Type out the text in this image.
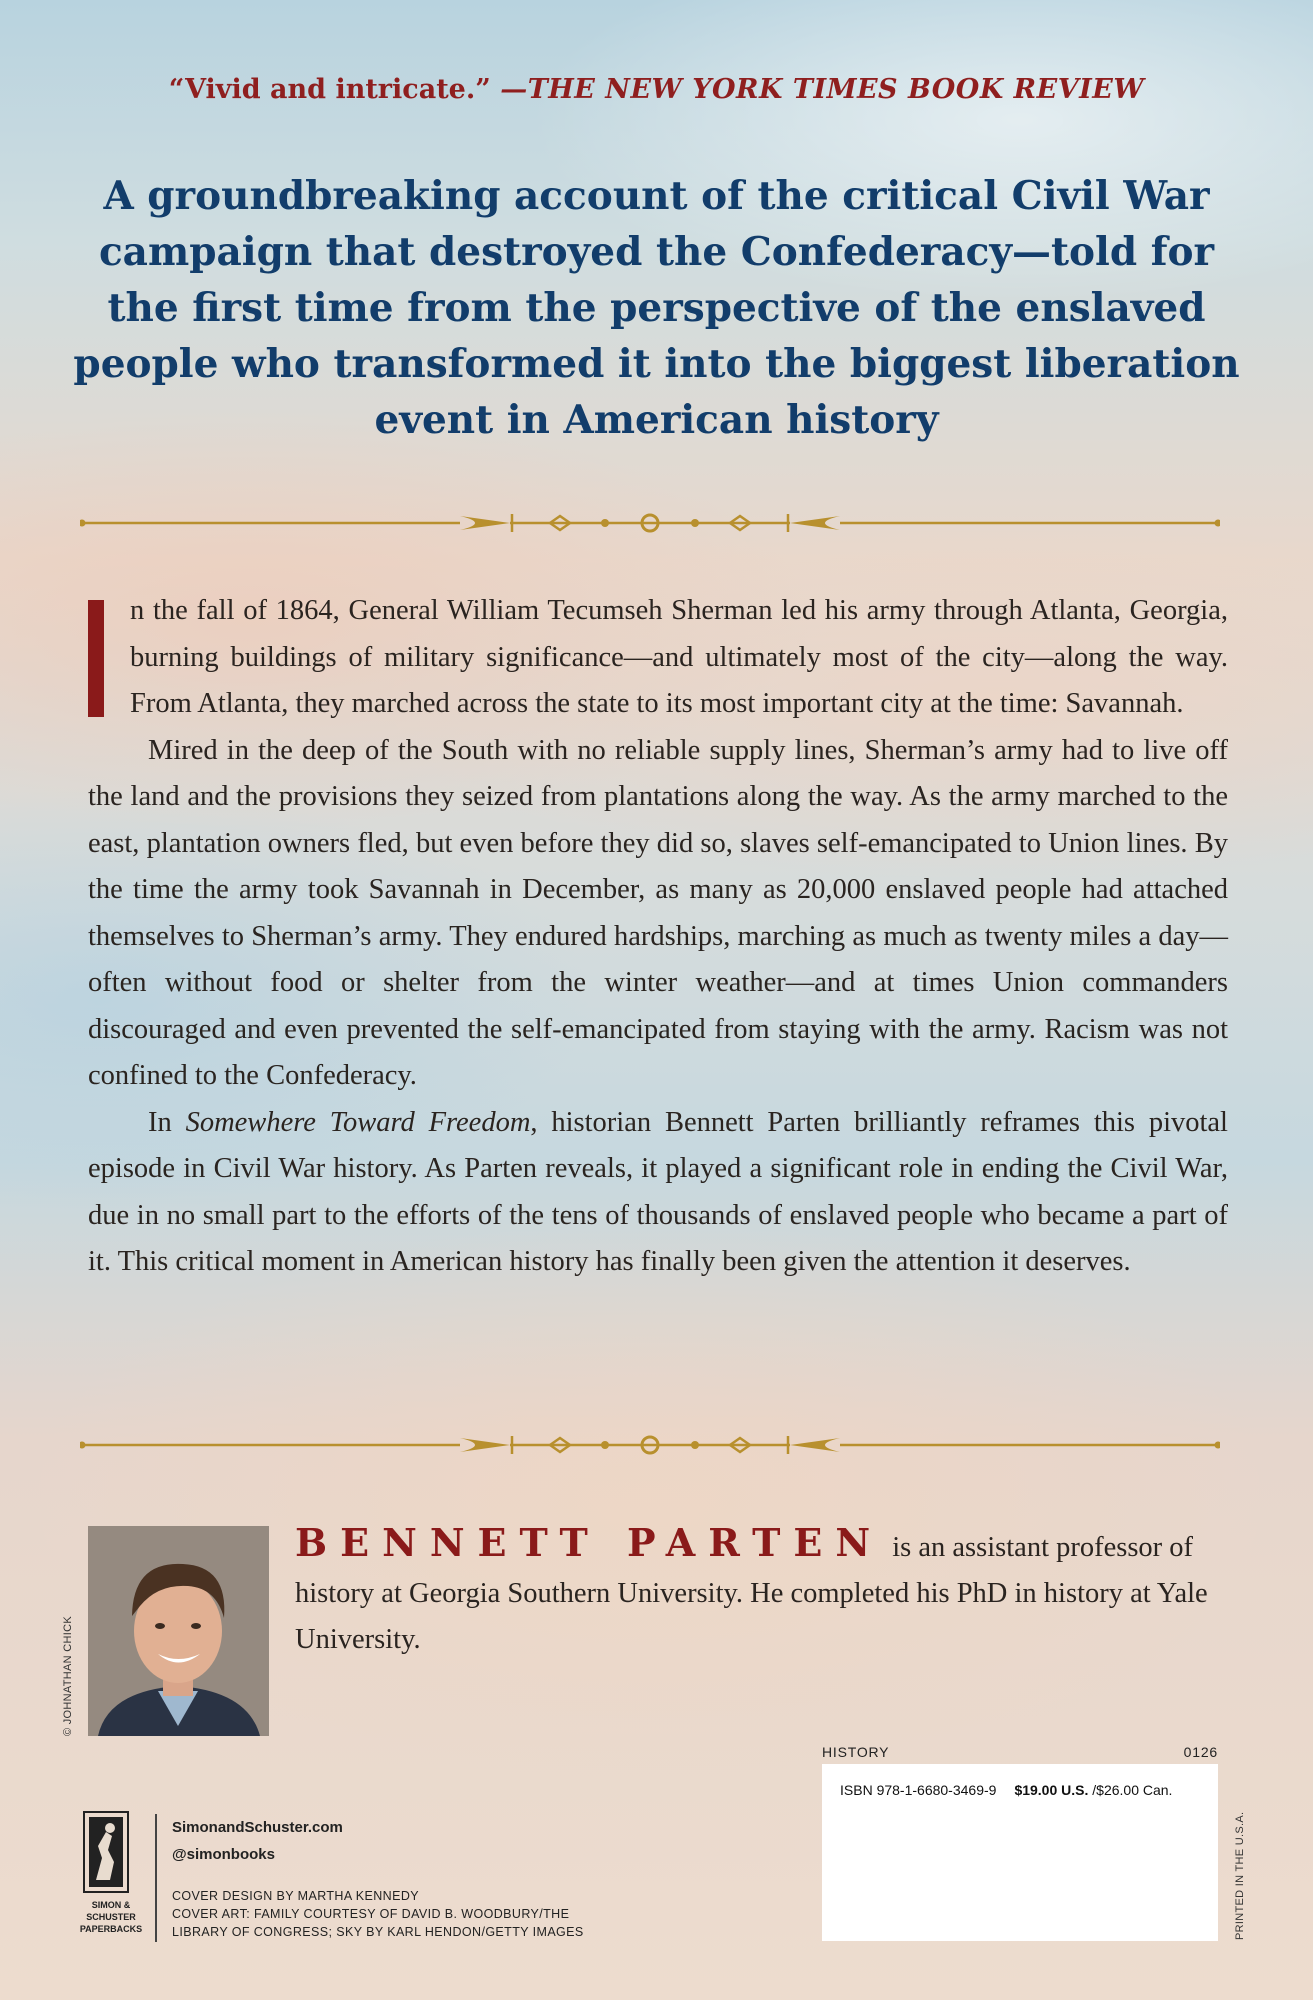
“Vivid and intricate.” —THE NEW YORK TIMES BOOK REVIEW
A groundbreaking account of the critical Civil War campaign that destroyed the Confederacy—told for the first time from the perspective of the enslaved people who transformed it into the biggest liberation event in American history

n the fall of 1864, General William Tecumseh Sherman led his army through Atlanta, Georgia, burning buildings of military significance—and ultimately most of the city—along the way. From Atlanta, they marched across the state to its most important city at the time: Savannah.

Mired in the deep of the South with no reliable supply lines, Sherman’s army had to live off the land and the provisions they seized from plantations along the way. As the army marched to the east, plantation owners fled, but even before they did so, slaves self-emancipated to Union lines. By the time the army took Savannah in December, as many as 20,000 enslaved people had attached themselves to Sherman’s army. They endured hardships, marching as much as twenty miles a day—often without food or shelter from the winter weather—and at times Union commanders discouraged and even prevented the self-emancipated from staying with the army. Racism was not confined to the Confederacy.

In Somewhere Toward Freedom, historian Bennett Parten brilliantly reframes this pivotal episode in Civil War history. As Parten reveals, it played a significant role in ending the Civil War, due in no small part to the efforts of the tens of thousands of enslaved people who became a part of it. This critical moment in American history has finally been given the attention it deserves.

© JOHNATHAN CHICK
BENNETT PARTEN is an assistant professor of history at Georgia Southern University. He completed his PhD in history at Yale University.
HISTORY	0126
ISBN 978-1-6680-3469-9 $19.00 U.S. /$26.00 Can.
PRINTED IN THE U.S.A.
SIMON &
SCHUSTER
PAPERBACKS
SimonandSchuster.com
@simonbooks
COVER DESIGN BY MARTHA KENNEDY
COVER ART: FAMILY COURTESY OF DAVID B. WOODBURY/THE LIBRARY OF CONGRESS; SKY BY KARL HENDON/GETTY IMAGES
